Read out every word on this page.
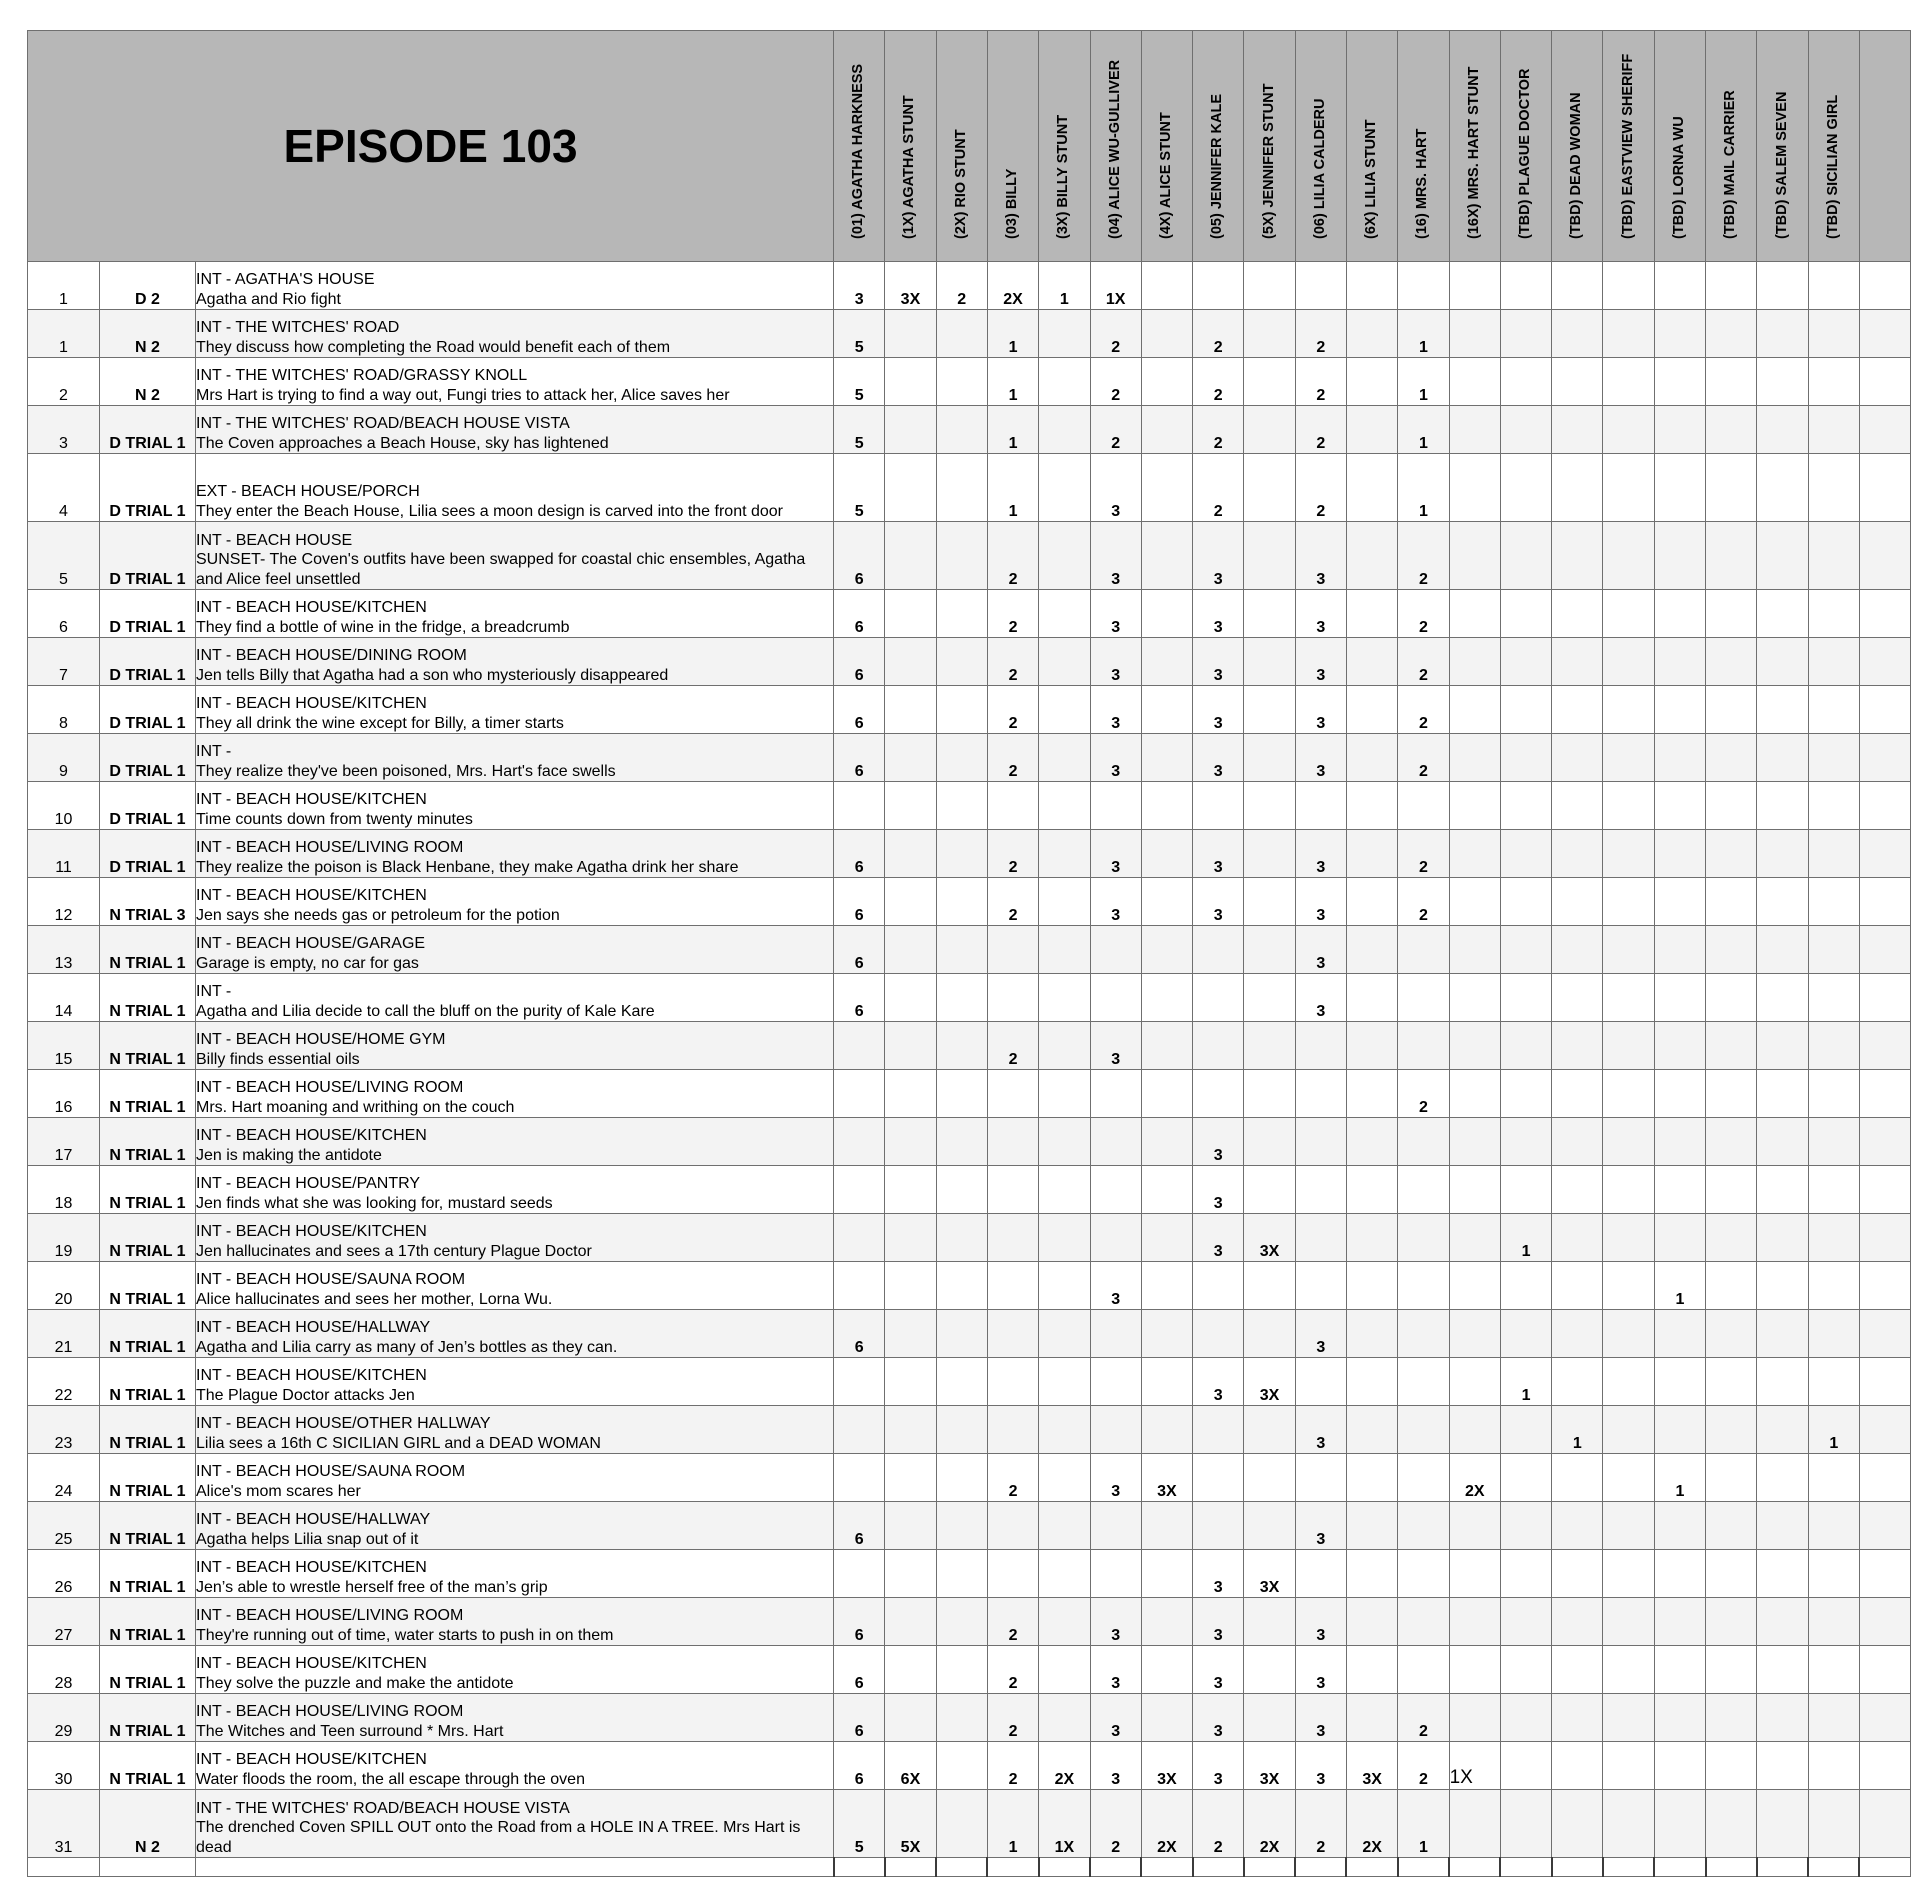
EPISODE 103			(01) AGATHA HARKNESS	(1X) AGATHA STUNT	(2X) RIO STUNT	(03) BILLY	(3X) BILLY STUNT	(04) ALICE WU-GULLIVER	(4X) ALICE STUNT	(05) JENNIFER KALE	(5X) JENNIFER STUNT	(06) LILIA CALDERU	(6X) LILIA STUNT	(16) MRS. HART	(16X) MRS. HART STUNT	(TBD) PLAGUE DOCTOR	(TBD) DEAD WOMAN	(TBD) EASTVIEW SHERIFF	(TBD) LORNA WU	(TBD) MAIL CARRIER	(TBD) SALEM SEVEN	(TBD) SICILIAN GIRL	

1	D 2	INT - AGATHA'S HOUSE
Agatha and Rio fight	3	3X	2	2X	1	1X															
1	N 2	INT - THE WITCHES' ROAD
They discuss how completing the Road would benefit each of them	5			1		2		2		2		1									
2	N 2	INT - THE WITCHES' ROAD/GRASSY KNOLL
Mrs Hart is trying to find a way out, Fungi tries to attack her, Alice saves her	5			1		2		2		2		1									
3	D TRIAL 1	INT - THE WITCHES' ROAD/BEACH HOUSE VISTA
The Coven approaches a Beach House, sky has lightened	5			1		2		2		2		1									
4	D TRIAL 1	EXT - BEACH HOUSE/PORCH
They enter the Beach House, Lilia sees a moon design is carved into the front door	5			1		3		2		2		1									
5	D TRIAL 1	INT - BEACH HOUSE
SUNSET- The Coven's outfits have been swapped for coastal chic ensembles, Agatha and Alice feel unsettled	6			2		3		3		3		2									
6	D TRIAL 1	INT - BEACH HOUSE/KITCHEN
They find a bottle of wine in the fridge, a breadcrumb	6			2		3		3		3		2									
7	D TRIAL 1	INT - BEACH HOUSE/DINING ROOM
Jen tells Billy that Agatha had a son who mysteriously disappeared	6			2		3		3		3		2									
8	D TRIAL 1	INT - BEACH HOUSE/KITCHEN
They all drink the wine except for Billy, a timer starts	6			2		3		3		3		2									
9	D TRIAL 1	INT -
They realize they've been poisoned, Mrs. Hart's face swells	6			2		3		3		3		2									
10	D TRIAL 1	INT - BEACH HOUSE/KITCHEN
Time counts down from twenty minutes																					

11	D TRIAL 1	INT - BEACH HOUSE/LIVING ROOM
They realize the poison is Black Henbane, they make Agatha drink her share	6			2		3		3		3		2									
12	N TRIAL 3	INT - BEACH HOUSE/KITCHEN
Jen says she needs gas or petroleum for the potion	6			2		3		3		3		2									
13	N TRIAL 1	INT - BEACH HOUSE/GARAGE
Garage is empty, no car for gas	6									3											
14	N TRIAL 1	INT -
Agatha and Lilia decide to call the bluff on the purity of Kale Kare	6									3											
15	N TRIAL 1	INT - BEACH HOUSE/HOME GYM
Billy finds essential oils				2		3															
16	N TRIAL 1	INT - BEACH HOUSE/LIVING ROOM
Mrs. Hart moaning and writhing on the couch												2									
17	N TRIAL 1	INT - BEACH HOUSE/KITCHEN
Jen is making the antidote								3													
18	N TRIAL 1	INT - BEACH HOUSE/PANTRY
Jen finds what she was looking for, mustard seeds								3													
19	N TRIAL 1	INT - BEACH HOUSE/KITCHEN
Jen hallucinates and sees a 17th century Plague Doctor								3	3X					1							
20	N TRIAL 1	INT - BEACH HOUSE/SAUNA ROOM
Alice hallucinates and sees her mother, Lorna Wu.						3											1				
21	N TRIAL 1	INT - BEACH HOUSE/HALLWAY
Agatha and Lilia carry as many of Jen’s bottles as they can.	6									3											
22	N TRIAL 1	INT - BEACH HOUSE/KITCHEN
The Plague Doctor attacks Jen								3	3X					1							
23	N TRIAL 1	INT - BEACH HOUSE/OTHER HALLWAY
Lilia sees a 16th C SICILIAN GIRL and a DEAD WOMAN										3					1					1	
24	N TRIAL 1	INT - BEACH HOUSE/SAUNA ROOM
Alice's mom scares her				2		3	3X						2X				1				
25	N TRIAL 1	INT - BEACH HOUSE/HALLWAY
Agatha helps Lilia snap out of it	6									3											
26	N TRIAL 1	INT - BEACH HOUSE/KITCHEN
Jen’s able to wrestle herself free of the man’s grip								3	3X												
27	N TRIAL 1	INT - BEACH HOUSE/LIVING ROOM
They're running out of time, water starts to push in on them	6			2		3		3		3											
28	N TRIAL 1	INT - BEACH HOUSE/KITCHEN
They solve the puzzle and make the antidote	6			2		3		3		3											
29	N TRIAL 1	INT - BEACH HOUSE/LIVING ROOM
The Witches and Teen surround * Mrs. Hart	6			2		3		3		3		2									
30	N TRIAL 1	INT - BEACH HOUSE/KITCHEN
Water floods the room, the all escape through the oven	6	6X		2	2X	3	3X	3	3X	3	3X	2	1X								
31	N 2	INT - THE WITCHES' ROAD/BEACH HOUSE VISTA
The drenched Coven SPILL OUT onto the Road from a HOLE IN A TREE. Mrs Hart is dead	5	5X		1	1X	2	2X	2	2X	2	2X	1									
